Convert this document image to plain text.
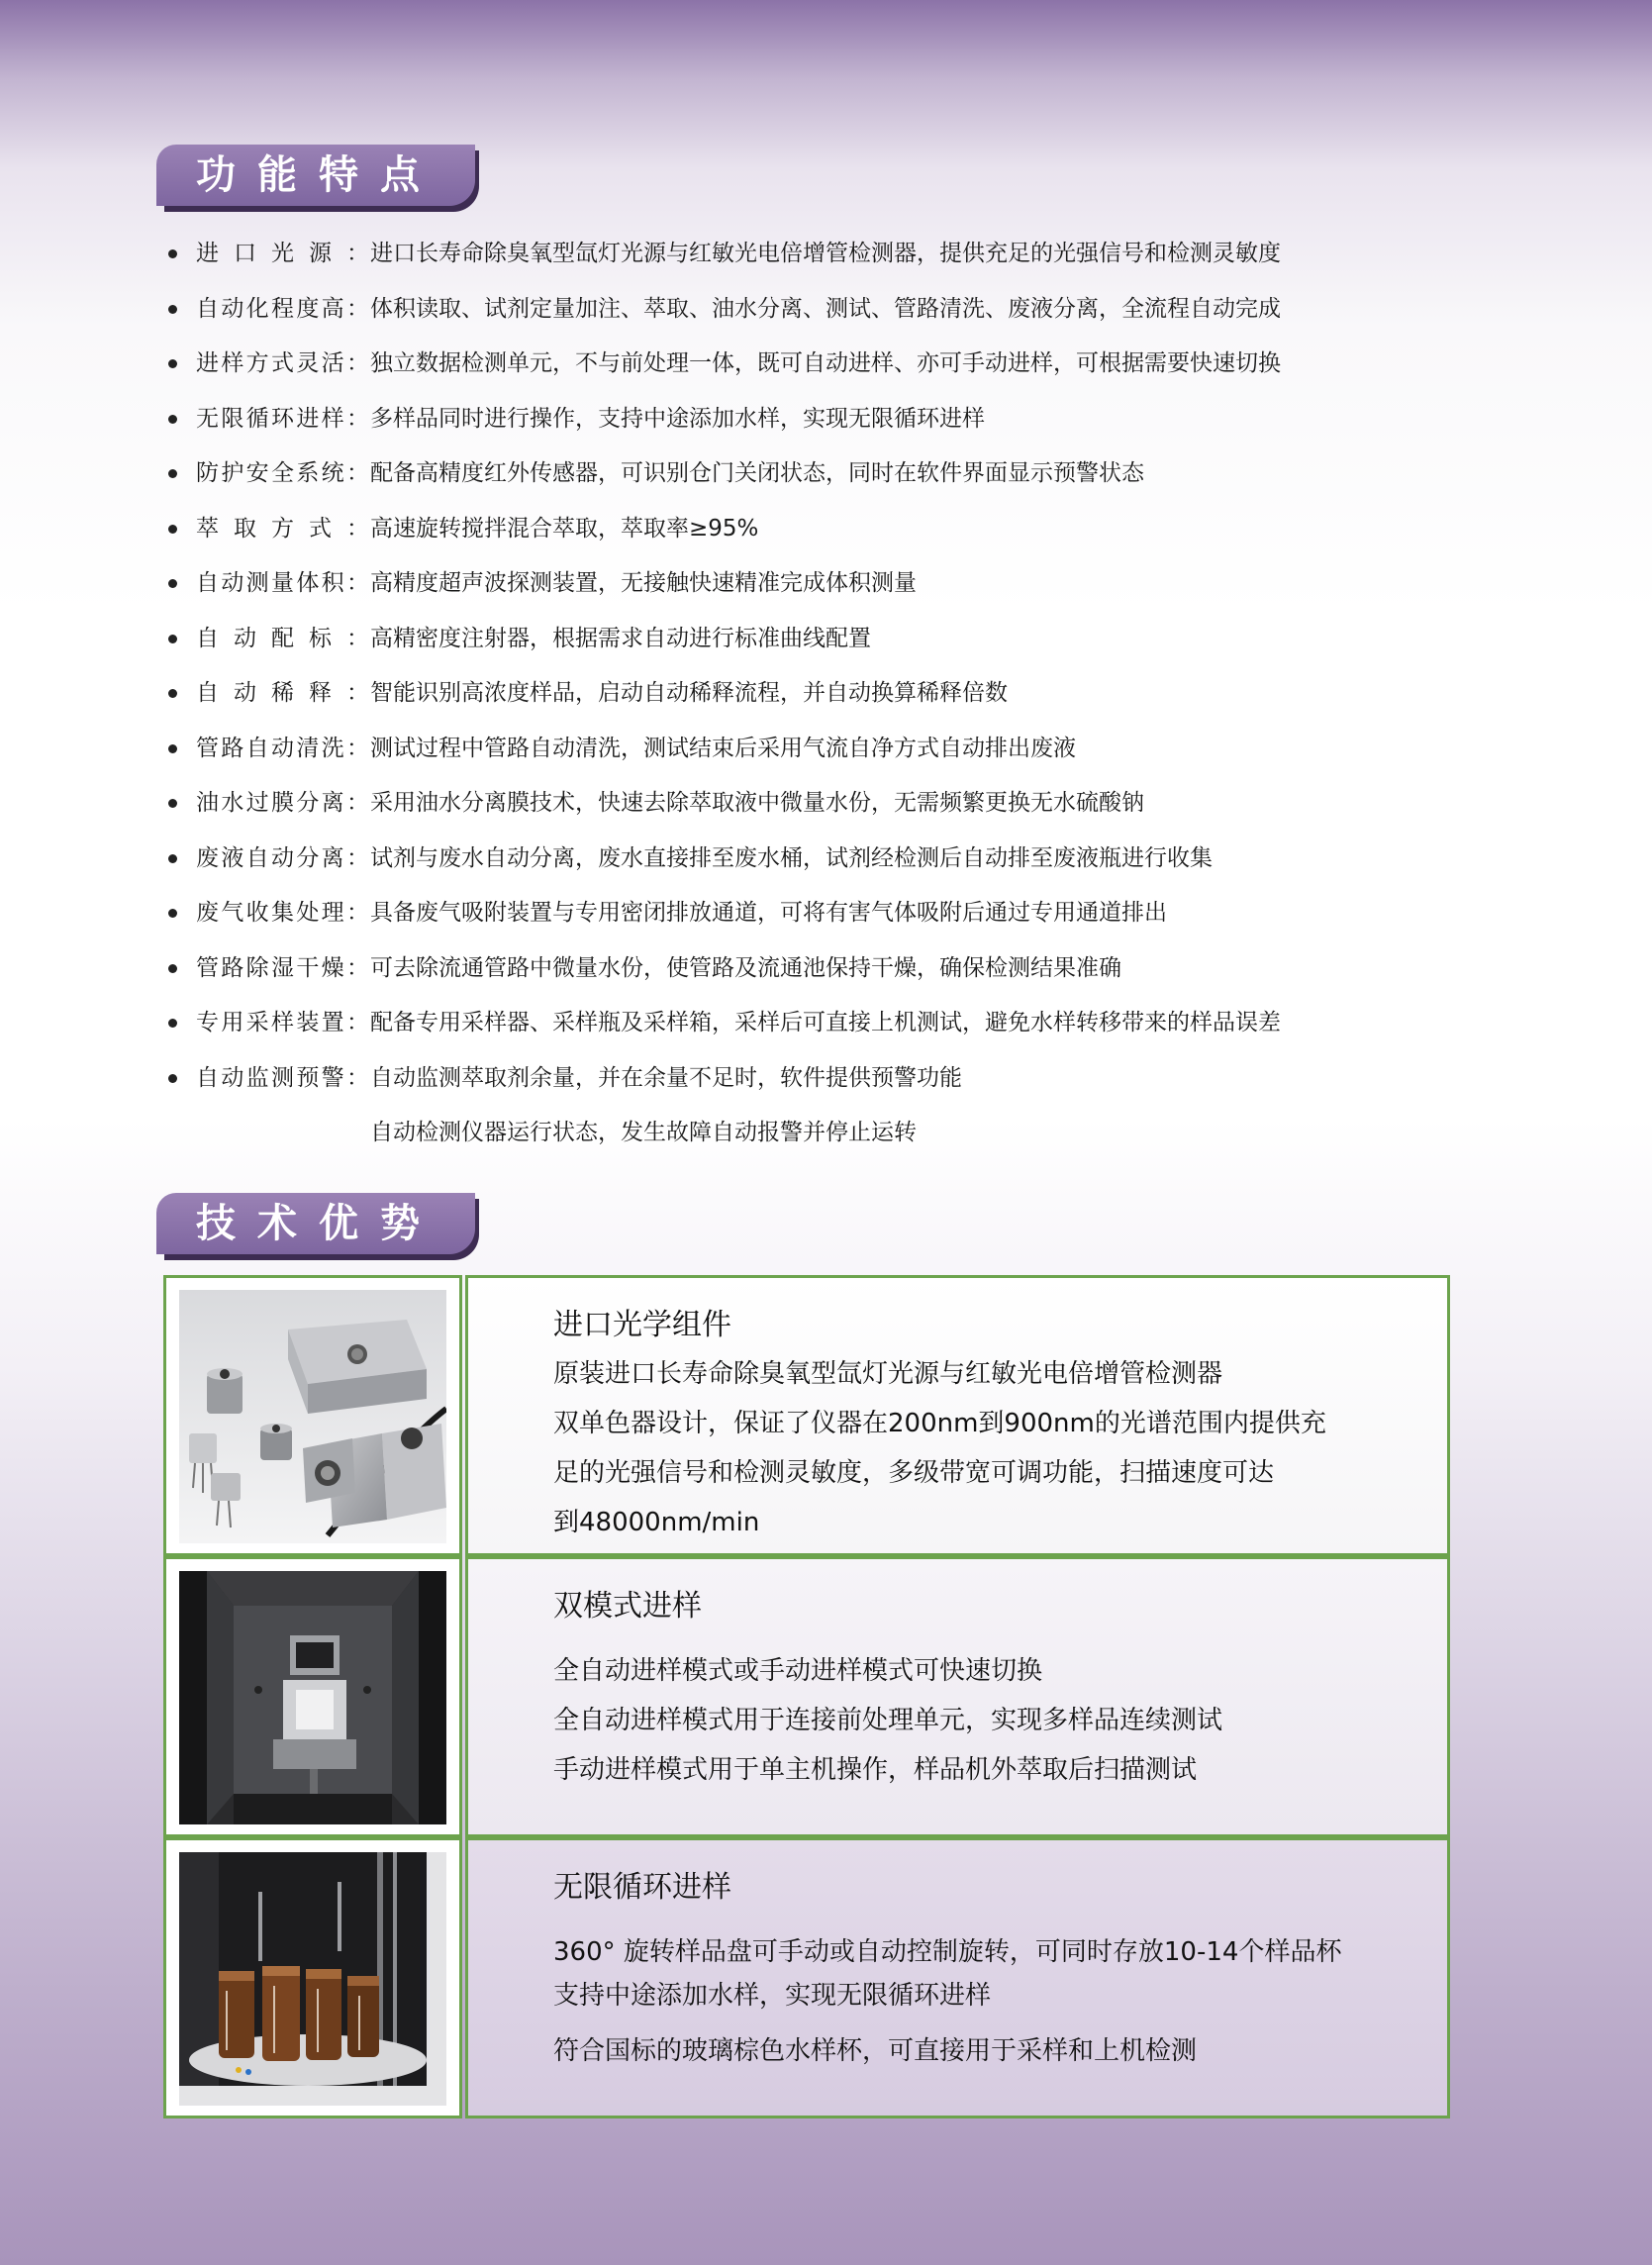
功能特点
进口光源： 进口长寿命除臭氧型氙灯光源与红敏光电倍增管检测器，提供充足的光强信号和检测灵敏度
自动化程度高： 体积读取、试剂定量加注、萃取、油水分离、测试、管路清洗、废液分离，全流程自动完成
进样方式灵活： 独立数据检测单元，不与前处理一体，既可自动进样、亦可手动进样，可根据需要快速切换
无限循环进样： 多样品同时进行操作，支持中途添加水样，实现无限循环进样
防护安全系统： 配备高精度红外传感器，可识别仓门关闭状态，同时在软件界面显示预警状态
萃取方式： 高速旋转搅拌混合萃取，萃取率≥95%
自动测量体积： 高精度超声波探测装置，无接触快速精准完成体积测量
自动配标： 高精密度注射器，根据需求自动进行标准曲线配置
自动稀释： 智能识别高浓度样品，启动自动稀释流程，并自动换算稀释倍数
管路自动清洗： 测试过程中管路自动清洗，测试结束后采用气流自净方式自动排出废液
油水过膜分离： 采用油水分离膜技术，快速去除萃取液中微量水份，无需频繁更换无水硫酸钠
废液自动分离： 试剂与废水自动分离，废水直接排至废水桶，试剂经检测后自动排至废液瓶进行收集
废气收集处理： 具备废气吸附装置与专用密闭排放通道，可将有害气体吸附后通过专用通道排出
管路除湿干燥： 可去除流通管路中微量水份，使管路及流通池保持干燥，确保检测结果准确
专用采样装置： 配备专用采样器、采样瓶及采样箱，采样后可直接上机测试，避免水样转移带来的样品误差
自动监测预警： 自动监测萃取剂余量，并在余量不足时，软件提供预警功能
自动检测仪器运行状态，发生故障自动报警并停止运转
技术优势
进口光学组件
原装进口长寿命除臭氧型氙灯光源与红敏光电倍增管检测器
双单色器设计，保证了仪器在200nm到900nm的光谱范围内提供充
足的光强信号和检测灵敏度，多级带宽可调功能，扫描速度可达
到48000nm/min
双模式进样
全自动进样模式或手动进样模式可快速切换
全自动进样模式用于连接前处理单元，实现多样品连续测试
手动进样模式用于单主机操作，样品机外萃取后扫描测试
无限循环进样
360° 旋转样品盘可手动或自动控制旋转，可同时存放10-14个样品杯
支持中途添加水样，实现无限循环进样
符合国标的玻璃棕色水样杯，可直接用于采样和上机检测
